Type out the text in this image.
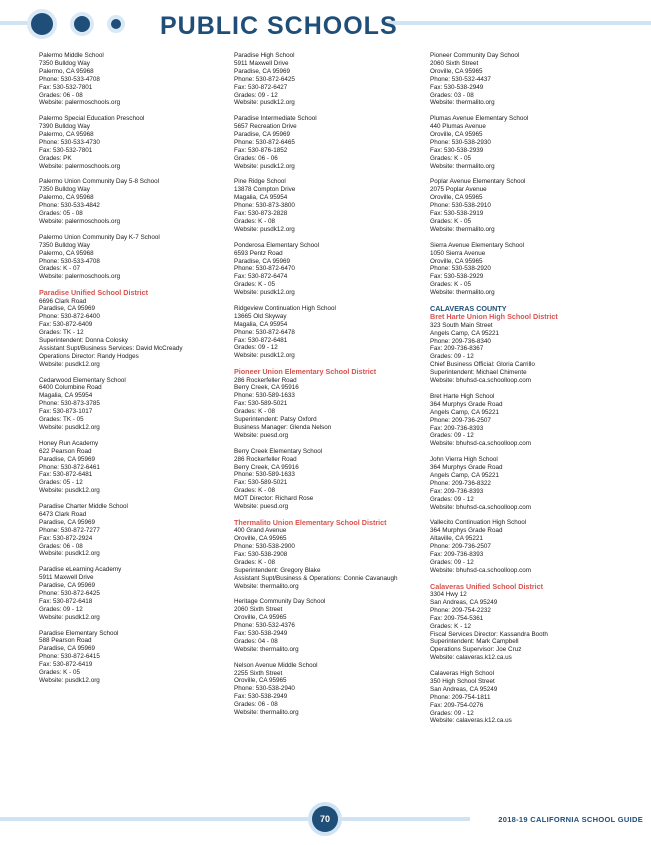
PUBLIC SCHOOLS
Palermo Middle School
7350 Bulldog Way
Palermo, CA 95968
Phone: 530-533-4708
Fax: 530-532-7801
Grades: 06 - 08
Website: palermoschools.org
Palermo Special Education Preschool
7390 Bulldog Way
Palermo, CA 95968
Phone: 530-533-4730
Fax: 530-532-7801
Grades: PK
Website: palermoschools.org
Palermo Union Community Day 5-8 School
7350 Bulldog Way
Palermo, CA 95968
Phone: 530-533-4842
Grades: 05 - 08
Website: palermoschools.org
Palermo Union Community Day K-7 School
7350 Bulldog Way
Palermo, CA 95968
Phone: 530-533-4708
Grades: K - 07
Website: palermoschools.org
Paradise Unified School District
6696 Clark Road
Paradise, CA 95969
Phone: 530-872-6400
Fax: 530-872-6409
Grades: TK - 12
Superintendent: Donna Colosky
Assistant Supt/Business Services: David McCready
Operations Director: Randy Hodges
Website: pusdk12.org
Cedarwood Elementary School
6400 Columbine Road
Magalia, CA 95954
Phone: 530-873-3785
Fax: 530-873-1017
Grades: TK - 05
Website: pusdk12.org
Honey Run Academy
622 Pearson Road
Paradise, CA 95969
Phone: 530-872-6461
Fax: 530-872-6481
Grades: 05 - 12
Website: pusdk12.org
Paradise Charter Middle School
6473 Clark Road
Paradise, CA 95969
Phone: 530-872-7277
Fax: 530-872-2924
Grades: 06 - 08
Website: pusdk12.org
Paradise eLearning Academy
5911 Maxwell Drive
Paradise, CA 95969
Phone: 530-872-6425
Fax: 530-872-6418
Grades: 09 - 12
Website: pusdk12.org
Paradise Elementary School
588 Pearson Road
Paradise, CA 95969
Phone: 530-872-6415
Fax: 530-872-6419
Grades: K - 05
Website: pusdk12.org
Paradise High School
5911 Maxwell Drive
Paradise, CA 95969
Phone: 530-872-6425
Fax: 530-872-6427
Grades: 09 - 12
Website: pusdk12.org
Paradise Intermediate School
5657 Recreation Drive
Paradise, CA 95969
Phone: 530-872-6465
Fax: 530-876-1852
Grades: 06 - 06
Website: pusdk12.org
Pine Ridge School
13878 Compton Drive
Magalia, CA 95954
Phone: 530-873-3800
Fax: 530-873-2828
Grades: K - 08
Website: pusdk12.org
Ponderosa Elementary School
6593 Pentz Road
Paradise, CA 95969
Phone: 530-872-6470
Fax: 530-872-6474
Grades: K - 05
Website: pusdk12.org
Ridgeview Continuation High School
13665 Old Skyway
Magalia, CA 95954
Phone: 530-872-6478
Fax: 530-872-6481
Grades: 09 - 12
Website: pusdk12.org
Pioneer Union Elementary School District
286 Rockerfeller Road
Berry Creek, CA 95916
Phone: 530-589-1633
Fax: 530-589-5021
Grades: K - 08
Superintendent: Patsy Oxford
Business Manager: Glenda Nelson
Website: puesd.org
Berry Creek Elementary School
286 Rockerfeller Road
Berry Creek, CA 95916
Phone: 530-589-1633
Fax: 530-589-5021
Grades: K - 08
MOT Director: Richard Rose
Website: puesd.org
Thermalito Union Elementary School District
400 Grand Avenue
Oroville, CA 95965
Phone: 530-538-2900
Fax: 530-538-2908
Grades: K - 08
Superintendent: Gregory Blake
Assistant Supt/Business & Operations: Connie Cavanaugh
Website: thermalito.org
Heritage Community Day School
2060 Sixth Street
Oroville, CA 95965
Phone: 530-532-4376
Fax: 530-538-2949
Grades: 04 - 08
Website: thermalito.org
Nelson Avenue Middle School
2255 Sixth Street
Oroville, CA 95965
Phone: 530-538-2940
Fax: 530-538-2949
Grades: 06 - 08
Website: thermalito.org
Pioneer Community Day School
2060 Sixth Street
Oroville, CA 95965
Phone: 530-532-4437
Fax: 530-538-2949
Grades: 03 - 08
Website: thermalito.org
Plumas Avenue Elementary School
440 Plumas Avenue
Oroville, CA 95965
Phone: 530-538-2930
Fax: 530-538-2939
Grades: K - 05
Website: thermalito.org
Poplar Avenue Elementary School
2075 Poplar Avenue
Oroville, CA 95965
Phone: 530-538-2910
Fax: 530-538-2919
Grades: K - 05
Website: thermalito.org
Sierra Avenue Elementary School
1050 Sierra Avenue
Oroville, CA 95965
Phone: 530-538-2920
Fax: 530-538-2929
Grades: K - 05
Website: thermalito.org
CALAVERAS COUNTY
Bret Harte Union High School District
323 South Main Street
Angels Camp, CA 95221
Phone: 209-736-8340
Fax: 209-736-8367
Grades: 09 - 12
Chief Business Official: Gloria Carrillo
Superintendent: Michael Chimente
Website: bhuhsd-ca.schoolloop.com
Bret Harte High School
364 Murphys Grade Road
Angels Camp, CA 95221
Phone: 209-736-2507
Fax: 209-736-8393
Grades: 09 - 12
Website: bhuhsd-ca.schoolloop.com
John Vierra High School
364 Murphys Grade Road
Angels Camp, CA 95221
Phone: 209-736-8322
Fax: 209-736-8393
Grades: 09 - 12
Website: bhuhsd-ca.schoolloop.com
Vallecito Continuation High School
364 Murphys Grade Road
Altaville, CA 95221
Phone: 209-736-2507
Fax: 209-736-8393
Grades: 09 - 12
Website: bhuhsd-ca.schoolloop.com
Calaveras Unified School District
3304 Hwy 12
San Andreas, CA 95249
Phone: 209-754-2232
Fax: 209-754-5361
Grades: K - 12
Fiscal Services Director: Kassandra Booth
Superintendent: Mark Campbell
Operations Supervisor: Joe Cruz
Website: calaveras.k12.ca.us
Calaveras High School
350 High School Street
San Andreas, CA 95249
Phone: 209-754-1811
Fax: 209-754-0276
Grades: 09 - 12
Website: calaveras.k12.ca.us
70	2018-19 CALIFORNIA SCHOOL GUIDE
